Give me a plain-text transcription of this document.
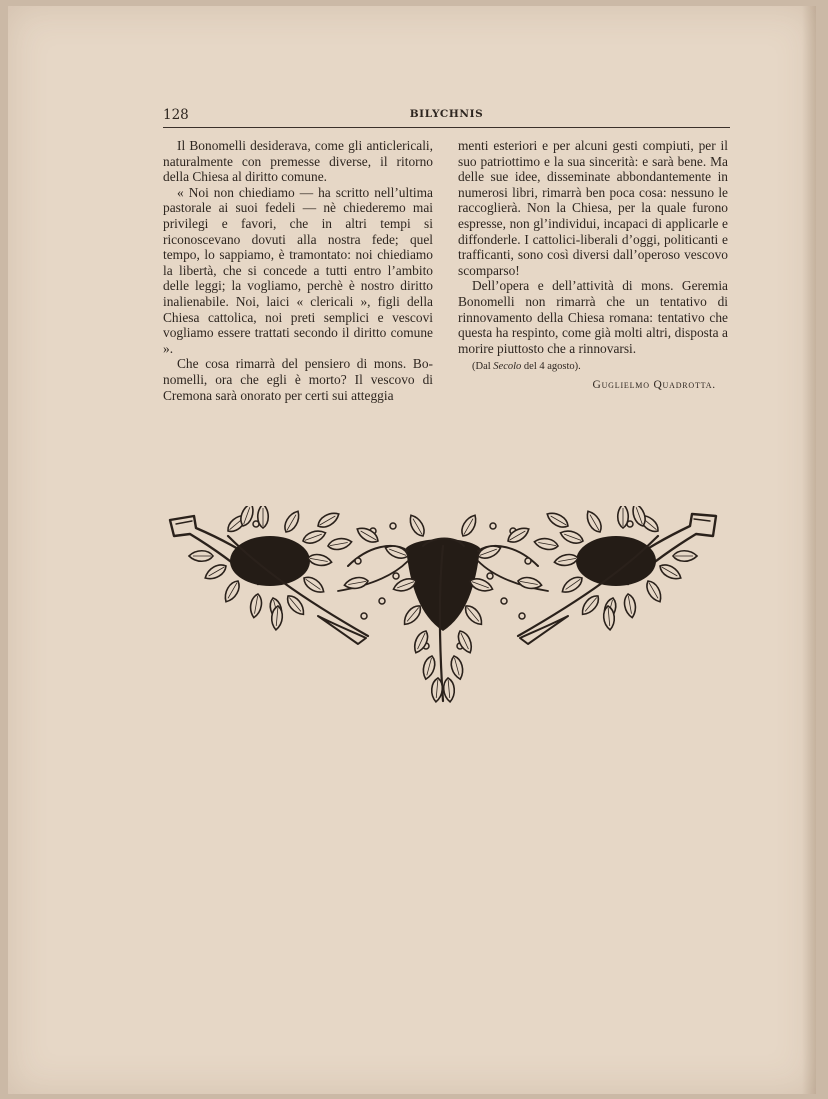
128	BILYCHNIS

Il Bonomelli desiderava, come gli anticlericali, naturalmente con premesse diverse, il ritorno della Chiesa al diritto comune.

« Noi non chiediamo — ha scritto nell’ultima pastorale ai suoi fedeli — nè chiederemo mai privilegi e favori, che in altri tempi si riconoscevano dovuti alla nostra fede; quel tempo, lo sappiamo, è tramontato: noi chiediamo la libertà, che si concede a tutti entro l’ambito delle leggi; la vogliamo, perchè è nostro diritto inalienabile. Noi, laici « clericali », figli della Chiesa cattolica, noi preti semplici e vescovi vogliamo essere trattati secondo il diritto comune ».

Che cosa rimarrà del pensiero di mons. Bonomelli, ora che egli è morto? Il vescovo di Cremona sarà onorato per certi sui atteggia

menti esteriori e per alcuni gesti compiuti, per il suo patriottimo e la sua sincerità: e sarà bene. Ma delle sue idee, disseminate abbondantemente in numerosi libri, rimarrà ben poca cosa: nessuno le raccoglierà. Non la Chiesa, per la quale furono espresse, non gl’individui, incapaci di applicarle e diffonderle. I cattolici-liberali d’oggi, politicanti e trafficanti, sono così diversi dall’operoso vescovo scomparso!

Dell’opera e dell’attività di mons. Geremia Bonomelli non rimarrà che un tentativo di rinnovamento della Chiesa romana: tentativo che questa ha respinto, come già molti altri, disposta a morire piuttosto che a rinnovarsi.

(Dal Secolo del 4 agosto).

Guglielmo Quadrotta.
